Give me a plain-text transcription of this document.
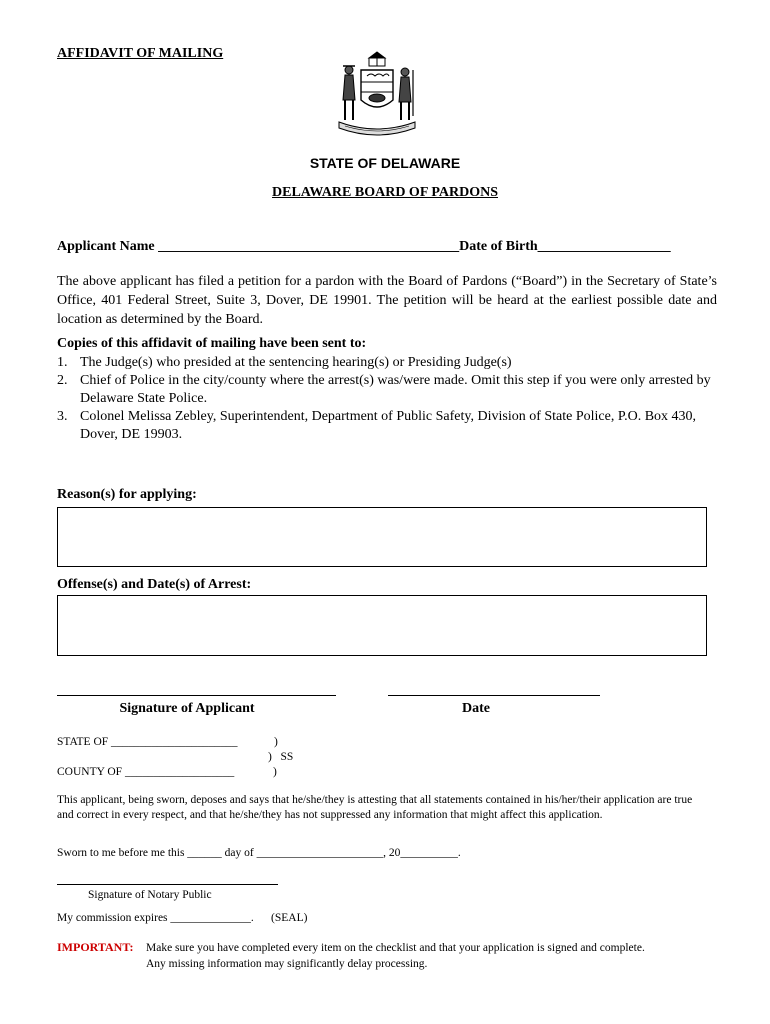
AFFIDAVIT OF MAILING
STATE OF DELAWARE
DELAWARE BOARD OF PARDONS
Applicant Name ___________________________________________Date of Birth___________________
The above applicant has filed a petition for a pardon with the Board of Pardons (“Board”) in the Secretary of State’s Office, 401 Federal Street, Suite 3, Dover, DE 19901. The petition will be heard at the earliest possible date and location as determined by the Board.
Copies of this affidavit of mailing have been sent to:
1. The Judge(s) who presided at the sentencing hearing(s) or Presiding Judge(s)
2. Chief of Police in the city/county where the arrest(s) was/were made. Omit this step if you were only arrested by Delaware State Police.
3. Colonel Melissa Zebley, Superintendent, Department of Public Safety, Division of State Police, P.O. Box 430, Dover, DE 19903.
Reason(s) for applying:
Offense(s) and Date(s) of Arrest:
Signature of Applicant	Date
STATE OF ______________________	)
)   SS
COUNTY OF ___________________	)
This applicant, being sworn, deposes and says that he/she/they is attesting that all statements contained in his/her/their application are true and correct in every respect, and that he/she/they has not suppressed any information that might affect this application.
Sworn to me before me this ______ day of ______________________, 20__________.
Signature of Notary Public
My commission expires ______________.      (SEAL)
IMPORTANT: Make sure you have completed every item on the checklist and that your application is signed and complete.
Any missing information may significantly delay processing.
